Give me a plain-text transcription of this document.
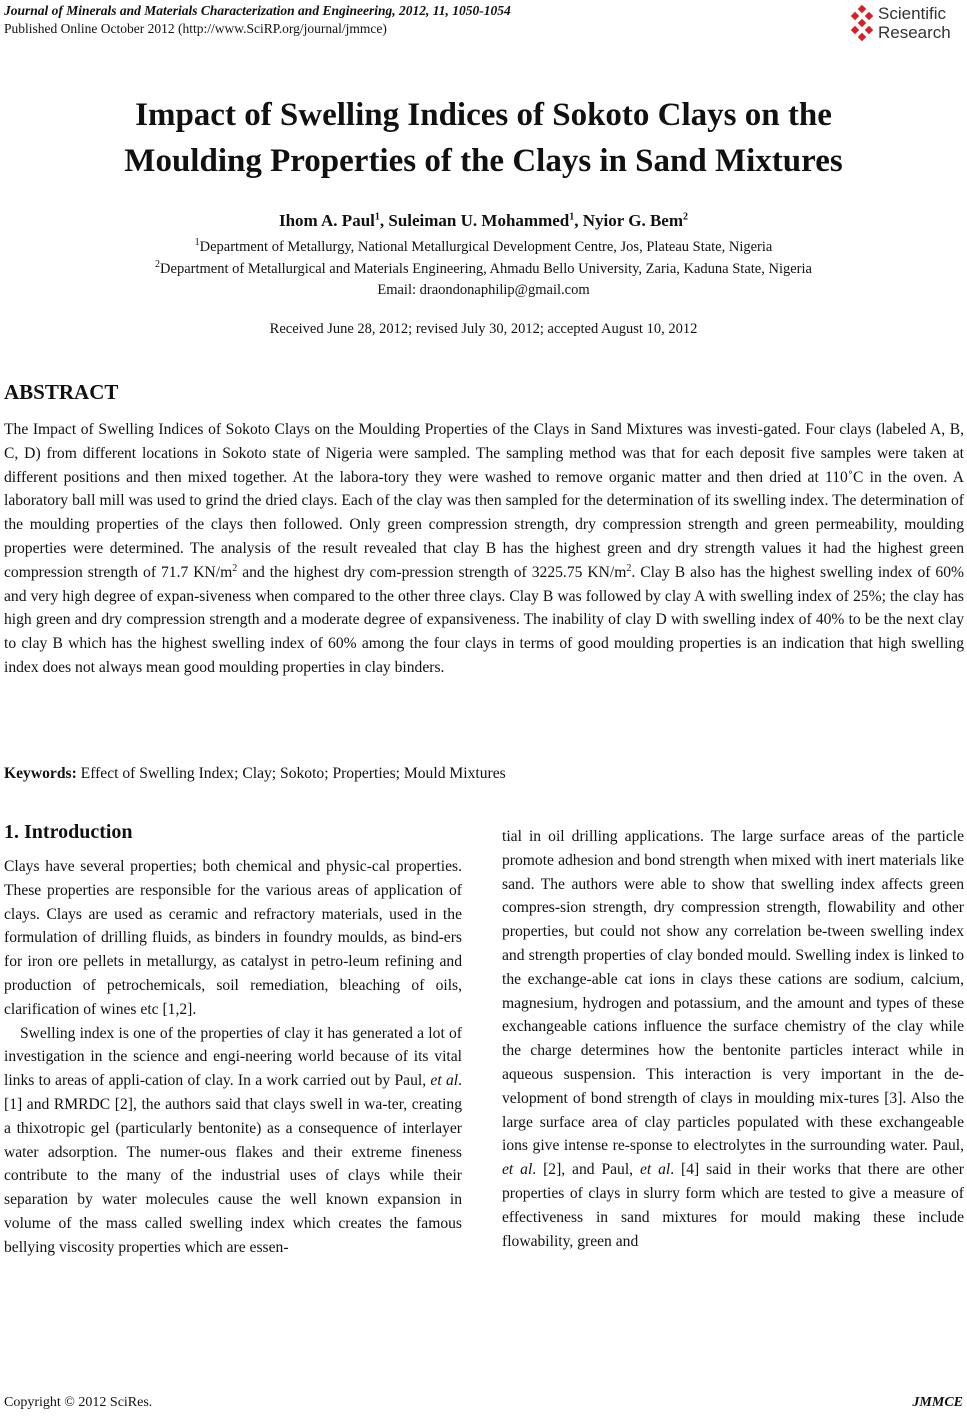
Journal of Minerals and Materials Characterization and Engineering, 2012, 11, 1050-1054
Published Online October 2012 (http://www.SciRP.org/journal/jmmce)
Scientific
Research
Impact of Swelling Indices of Sokoto Clays on the
Moulding Properties of the Clays in Sand Mixtures
Ihom A. Paul$^1$, Suleiman U. Mohammed$^1$, Nyior G. Bem$^2$
$^1$Department of Metallurgy, National Metallurgical Development Centre, Jos, Plateau State, Nigeria
$^2$Department of Metallurgical and Materials Engineering, Ahmadu Bello University, Zaria, Kaduna State, Nigeria
Email: draondonaphilip@gmail.com
Received June 28, 2012; revised July 30, 2012; accepted August 10, 2012
ABSTRACT
The Impact of Swelling Indices of Sokoto Clays on the Moulding Properties of the Clays in Sand Mixtures was investi-gated. Four clays (labeled A, B, C, D) from different locations in Sokoto state of Nigeria were sampled. The sampling method was that for each deposit five samples were taken at different positions and then mixed together. At the labora-tory they were washed to remove organic matter and then dried at 110˚C in the oven. A laboratory ball mill was used to grind the dried clays. Each of the clay was then sampled for the determination of its swelling index. The determination of the moulding properties of the clays then followed. Only green compression strength, dry compression strength and green permeability, moulding properties were determined. The analysis of the result revealed that clay B has the highest green and dry strength values it had the highest green compression strength of 71.7 $KN/m^2$ and the highest dry com-pression strength of 3225.75 $KN/m^2$. Clay B also has the highest swelling index of 60% and very high degree of expan-siveness when compared to the other three clays. Clay B was followed by clay A with swelling index of 25%; the clay has high green and dry compression strength and a moderate degree of expansiveness. The inability of clay D with swelling index of 40% to be the next clay to clay B which has the highest swelling index of 60% among the four clays in terms of good moulding properties is an indication that high swelling index does not always mean good moulding properties in clay binders.
Keywords: Effect of Swelling Index; Clay; Sokoto; Properties; Mould Mixtures
1. Introduction

Clays have several properties; both chemical and physic-cal properties. These properties are responsible for the various areas of application of clays. Clays are used as ceramic and refractory materials, used in the formulation of drilling fluids, as binders in foundry moulds, as bind-ers for iron ore pellets in metallurgy, as catalyst in petro-leum refining and production of petrochemicals, soil remediation, bleaching of oils, clarification of wines etc [1,2].

Swelling index is one of the properties of clay it has generated a lot of investigation in the science and engi-neering world because of its vital links to areas of appli-cation of clay. In a work carried out by Paul, et al. [1] and RMRDC [2], the authors said that clays swell in wa-ter, creating a thixotropic gel (particularly bentonite) as a consequence of interlayer water adsorption. The numer-ous flakes and their extreme fineness contribute to the many of the industrial uses of clays while their separation by water molecules cause the well known expansion in volume of the mass called swelling index which creates the famous bellying viscosity properties which are essen-

tial in oil drilling applications. The large surface areas of the particle promote adhesion and bond strength when mixed with inert materials like sand. The authors were able to show that swelling index affects green compres-sion strength, dry compression strength, flowability and other properties, but could not show any correlation be-tween swelling index and strength properties of clay bonded mould. Swelling index is linked to the exchange-able cat ions in clays these cations are sodium, calcium, magnesium, hydrogen and potassium, and the amount and types of these exchangeable cations influence the surface chemistry of the clay while the charge determines how the bentonite particles interact while in aqueous suspension. This interaction is very important in the de-velopment of bond strength of clays in moulding mix-tures [3]. Also the large surface area of clay particles populated with these exchangeable ions give intense re-sponse to electrolytes in the surrounding water. Paul, et al. [2], and Paul, et al. [4] said in their works that there are other properties of clays in slurry form which are tested to give a measure of effectiveness in sand mixtures for mould making these include flowability, green and

Copyright © 2012 SciRes.	JMMCE
